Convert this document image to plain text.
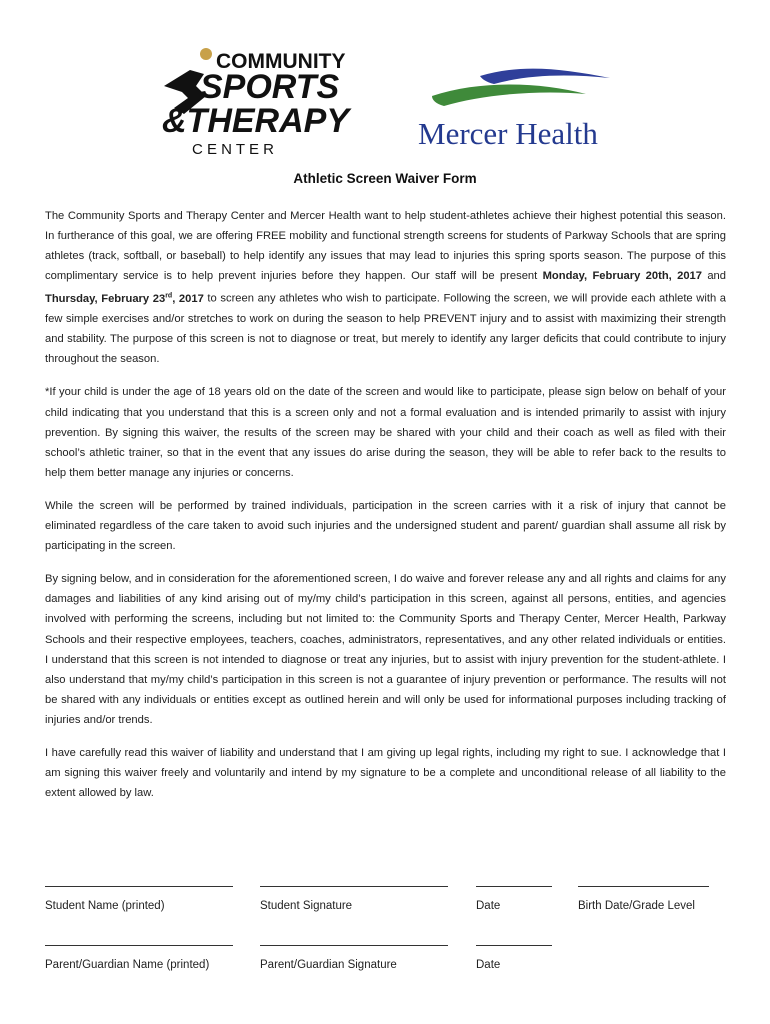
COMMUNITY
SPORTS
&THERAPY
C E N T E R	Mercer Health
Athletic Screen Waiver Form

The Community Sports and Therapy Center and Mercer Health want to help student-athletes achieve their highest potential this season. In furtherance of this goal, we are offering FREE mobility and functional strength screens for students of Parkway Schools that are spring athletes (track, softball, or baseball) to help identify any issues that may lead to injuries this spring sports season. The purpose of this complimentary service is to help prevent injuries before they happen. Our staff will be present Monday, February 20th, 2017 and Thursday, February 23rd, 2017 to screen any athletes who wish to participate. Following the screen, we will provide each athlete with a few simple exercises and/or stretches to work on during the season to help PREVENT injury and to assist with maximizing their strength and stability. The purpose of this screen is not to diagnose or treat, but merely to identify any larger deficits that could contribute to injury throughout the season.

*If your child is under the age of 18 years old on the date of the screen and would like to participate, please sign below on behalf of your child indicating that you understand that this is a screen only and not a formal evaluation and is intended primarily to assist with injury prevention. By signing this waiver, the results of the screen may be shared with your child and their coach as well as filed with their school’s athletic trainer, so that in the event that any issues do arise during the season, they will be able to refer back to the results to help them better manage any injuries or concerns.

While the screen will be performed by trained individuals, participation in the screen carries with it a risk of injury that cannot be eliminated regardless of the care taken to avoid such injuries and the undersigned student and parent/ guardian shall assume all risk by participating in the screen.

By signing below, and in consideration for the aforementioned screen, I do waive and forever release any and all rights and claims for any damages and liabilities of any kind arising out of my/my child’s participation in this screen, against all persons, entities, and agencies involved with performing the screens, including but not limited to: the Community Sports and Therapy Center, Mercer Health, Parkway Schools and their respective employees, teachers, coaches, administrators, representatives, and any other related individuals or entities. I understand that this screen is not intended to diagnose or treat any injuries, but to assist with injury prevention for the student-athlete. I also understand that my/my child’s participation in this screen is not a guarantee of injury prevention or performance. The results will not be shared with any individuals or entities except as outlined herein and will only be used for informational purposes including tracking of injuries and/or trends.

I have carefully read this waiver of liability and understand that I am giving up legal rights, including my right to sue. I acknowledge that I am signing this waiver freely and voluntarily and intend by my signature to be a complete and unconditional release of all liability to the extent allowed by law.

Student Name (printed)	Student Signature	Date	Birth Date/Grade Level
Parent/Guardian Name (printed)	Parent/Guardian Signature	Date
